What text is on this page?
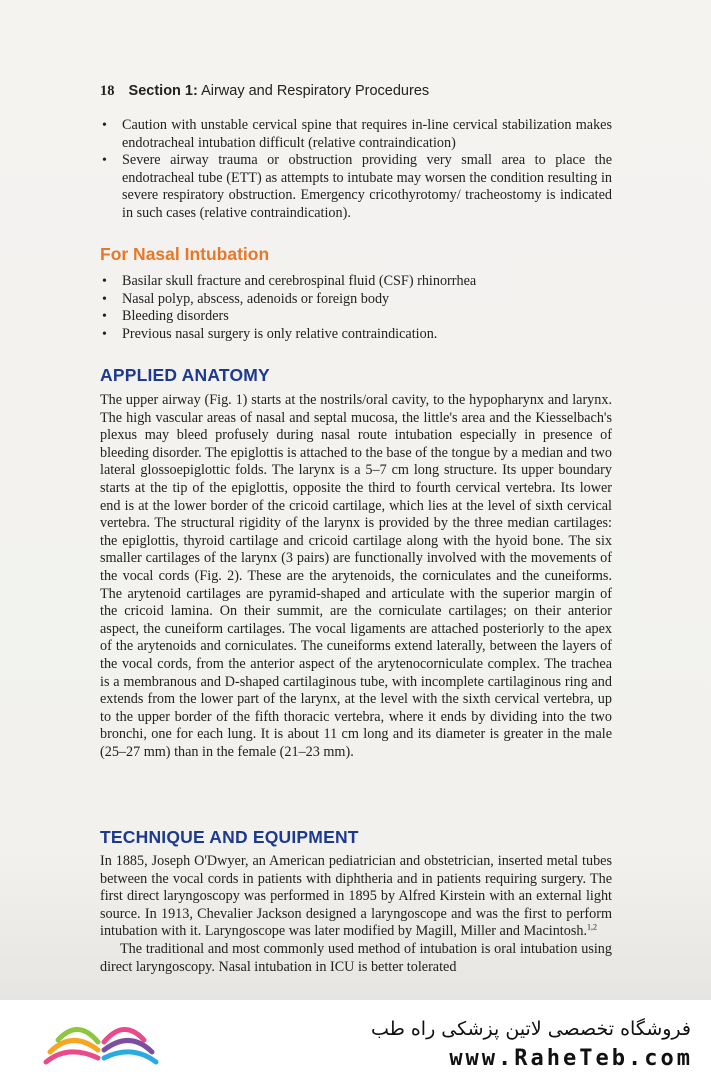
18 Section 1: Airway and Respiratory Procedures
• Caution with unstable cervical spine that requires in-line cervical stabilization makes endotracheal intubation difficult (relative contraindication)
• Severe airway trauma or obstruction providing very small area to place the endotracheal tube (ETT) as attempts to intubate may worsen the condition resulting in severe respiratory obstruction. Emergency cricothyrotomy/ tracheostomy is indicated in such cases (relative contraindication).
For Nasal Intubation
• Basilar skull fracture and cerebrospinal fluid (CSF) rhinorrhea
• Nasal polyp, abscess, adenoids or foreign body
• Bleeding disorders
• Previous nasal surgery is only relative contraindication.
APPLIED ANATOMY

The upper airway (Fig. 1) starts at the nostrils/oral cavity, to the hypopharynx and larynx. The high vascular areas of nasal and septal mucosa, the little's area and the Kiesselbach's plexus may bleed profusely during nasal route intubation especially in presence of bleeding disorder. The epiglottis is attached to the base of the tongue by a median and two lateral glossoepiglottic folds. The larynx is a 5–7 cm long structure. Its upper boundary starts at the tip of the epiglottis, opposite the third to fourth cervical vertebra. Its lower end is at the lower border of the cricoid cartilage, which lies at the level of sixth cervical vertebra. The structural rigidity of the larynx is provided by the three median cartilages: the epiglottis, thyroid cartilage and cricoid cartilage along with the hyoid bone. The six smaller cartilages of the larynx (3 pairs) are functionally involved with the movements of the vocal cords (Fig. 2). These are the arytenoids, the corniculates and the cuneiforms. The arytenoid cartilages are pyramid-shaped and articulate with the superior margin of the cricoid lamina. On their summit, are the corniculate cartilages; on their anterior aspect, the cuneiform cartilages. The vocal ligaments are attached posteriorly to the apex of the arytenoids and corniculates. The cuneiforms extend laterally, between the layers of the vocal cords, from the anterior aspect of the arytenocorniculate complex. The trachea is a membranous and D-shaped cartilaginous tube, with incomplete cartilaginous ring and extends from the lower part of the larynx, at the level with the sixth cervical vertebra, up to the upper border of the fifth thoracic vertebra, where it ends by dividing into the two bronchi, one for each lung. It is about 11 cm long and its diameter is greater in the male (25–27 mm) than in the female (21–23 mm).

TECHNIQUE AND EQUIPMENT

In 1885, Joseph O'Dwyer, an American pediatrician and obstetrician, inserted metal tubes between the vocal cords in patients with diphtheria and in patients requiring surgery. The first direct laryngoscopy was performed in 1895 by Alfred Kirstein with an external light source. In 1913, Chevalier Jackson designed a laryngoscope and was the first to perform intubation with it. Laryngoscope was later modified by Magill, Miller and Macintosh.$^{1,2}$

The traditional and most commonly used method of intubation is oral intubation using direct laryngoscopy. Nasal intubation in ICU is better tolerated

فروشگاه تخصصی لاتین پزشکی راه طب
www.RaheTeb.com
